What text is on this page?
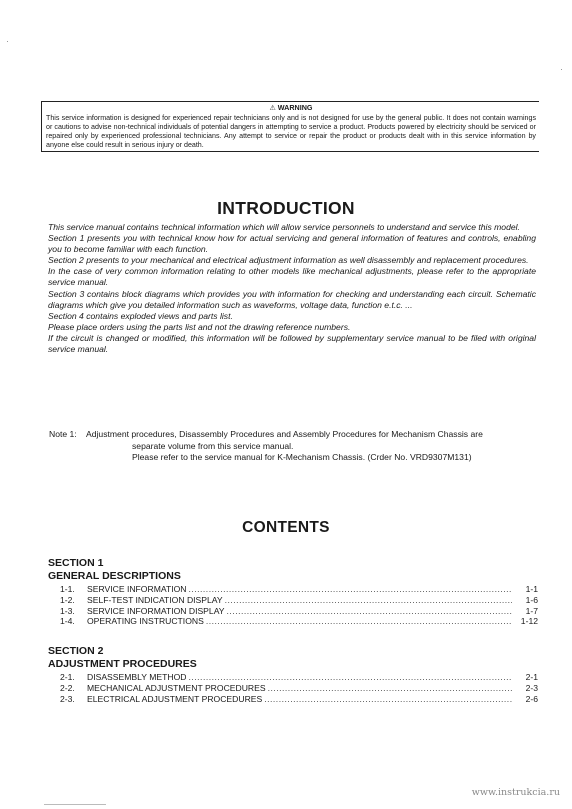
⚠ WARNING
This service information is designed for experienced repair technicians only and is not designed for use by the general public. It does not contain warnings or cautions to advise non-technical individuals of potential dangers in attempting to service a product. Products powered by electricity should be serviced or repaired only by experienced professional technicians. Any attempt to service or repair the product or products dealt with in this service information by anyone else could result in serious injury or death.
INTRODUCTION

This service manual contains technical information which will allow service personnels to understand and service this model.

Section 1 presents you with technical know how for actual servicing and general information of features and controls, enabling you to become familiar with each function.

Section 2 presents to your mechanical and electrical adjustment information as well disassembly and replacement procedures.

In the case of very common information relating to other models like mechanical adjustments, please refer to the appropriate service manual.

Section 3 contains block diagrams which provides you with information for checking and understanding each circuit. Schematic diagrams which give you detailed information such as waveforms, voltage data, function e.t.c. ...

Section 4 contains exploded views and parts list.

Please place orders using the parts list and not the drawing reference numbers.

If the circuit is changed or modified, this information will be followed by supplementary service manual to be filed with original service manual.

Note 1: Adjustment procedures, Disassembly Procedures and Assembly Procedures for Mechanism Chassis are
separate volume from this service manual.
Please refer to the service manual for K-Mechanism Chassis. (Crder No. VRD9307M131)
CONTENTS
SECTION 1
GENERAL DESCRIPTIONS
1-1.	SERVICE INFORMATION .....	1-1
1-2.	SELF-TEST INDICATION DISPLAY .....	1-6
1-3.	SERVICE INFORMATION DISPLAY .....	1-7
1-4.	OPERATING INSTRUCTIONS .....	1-12
SECTION 2
ADJUSTMENT PROCEDURES
2-1.	DISASSEMBLY METHOD .....	2-1
2-2.	MECHANICAL ADJUSTMENT PROCEDURES .....	2-3
2-3.	ELECTRICAL ADJUSTMENT PROCEDURES .....	2-6
www.instrukcia.ru
